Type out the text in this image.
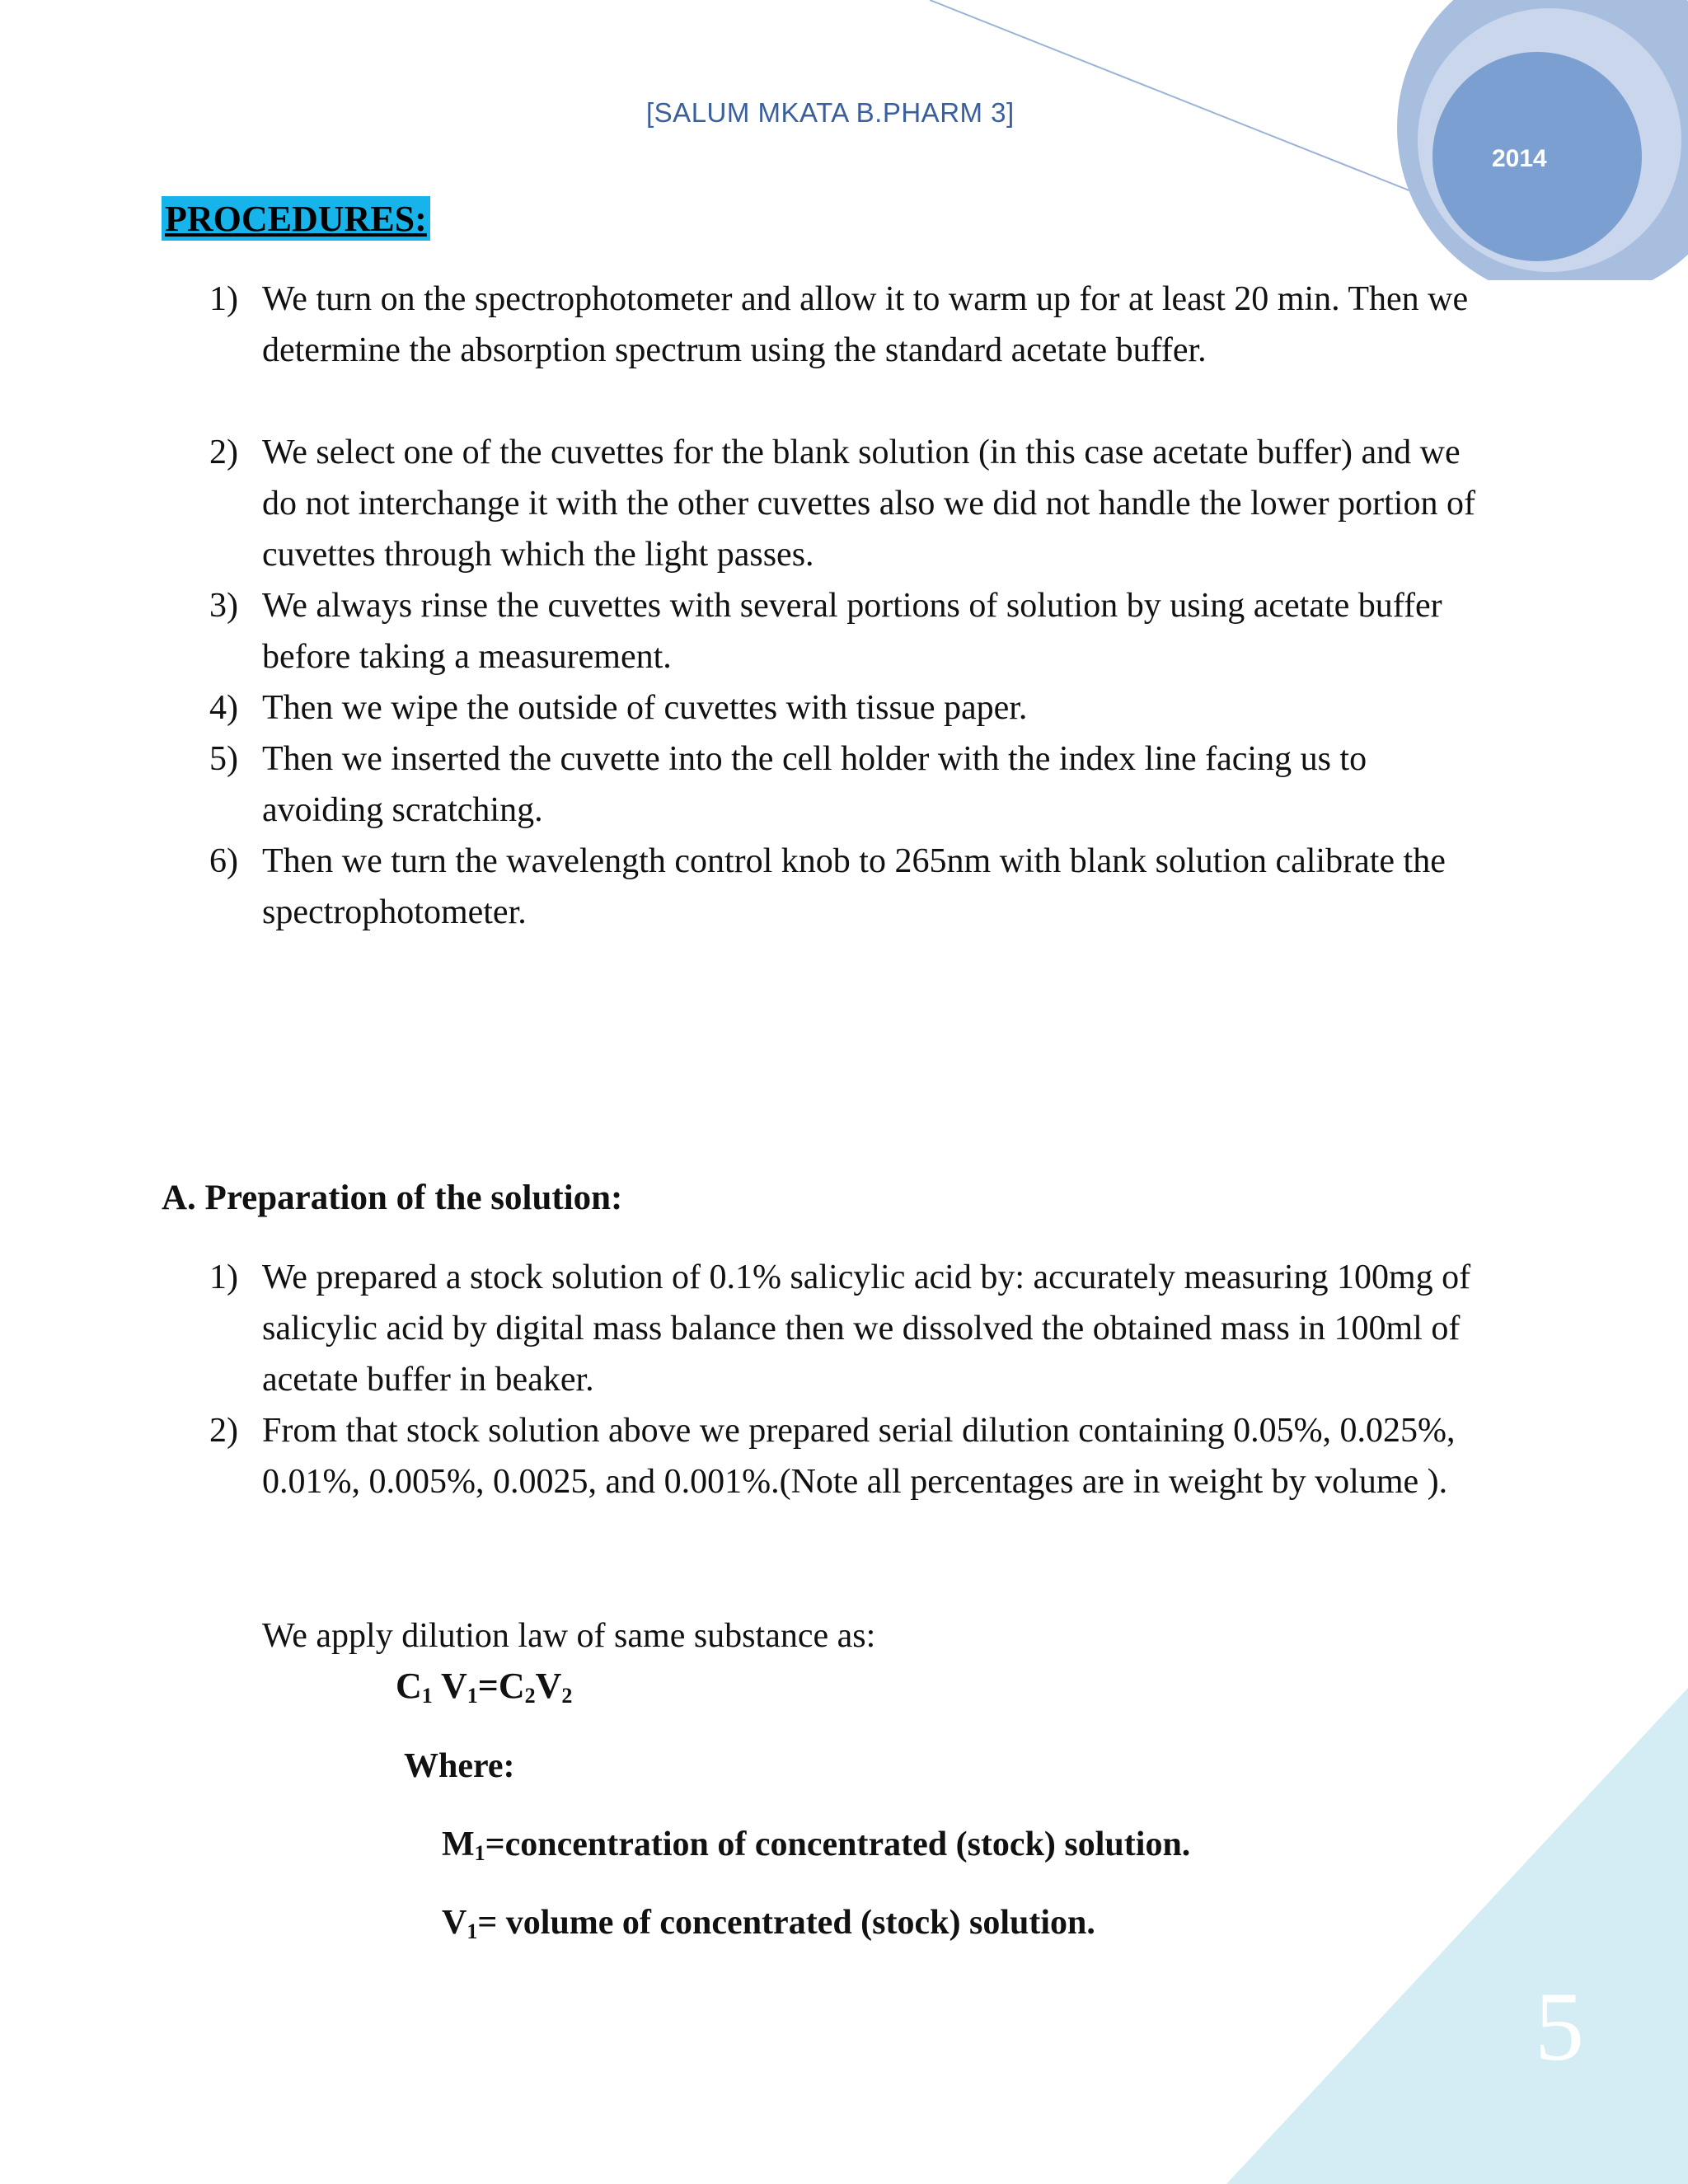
[SALUM MKATA B.PHARM 3]
2014
5
PROCEDURES:
1) We turn on the spectrophotometer and allow it to warm up for at least 20 min. Then we determine the absorption spectrum using the standard acetate buffer.
2) We select one of the cuvettes for the blank solution (in this case acetate buffer) and we do not interchange it with the other cuvettes also we did not handle the lower portion of cuvettes through which the light passes.
3) We always rinse the cuvettes with several portions of solution by using acetate buffer before taking a measurement.
4) Then we wipe the outside of cuvettes with tissue paper.
5) Then we inserted the cuvette into the cell holder with the index line facing us to avoiding scratching.
6) Then we turn the wavelength control knob to 265nm with blank solution calibrate the spectrophotometer.
A. Preparation of the solution:
1) We prepared a stock solution of 0.1% salicylic acid by: accurately measuring 100mg of salicylic acid by digital mass balance then we dissolved the obtained mass in 100ml of acetate buffer in beaker.
2) From that stock solution above we prepared serial dilution containing 0.05%, 0.025%, 0.01%, 0.005%, 0.0025, and 0.001%.(Note all percentages are in weight by volume ).
We apply dilution law of same substance as:
$C_1$ $V_1=C_2V_2$
Where:
$M_1=concentration$ of concentrated (stock) solution.
$V_1=$ volume of concentrated (stock) solution.
